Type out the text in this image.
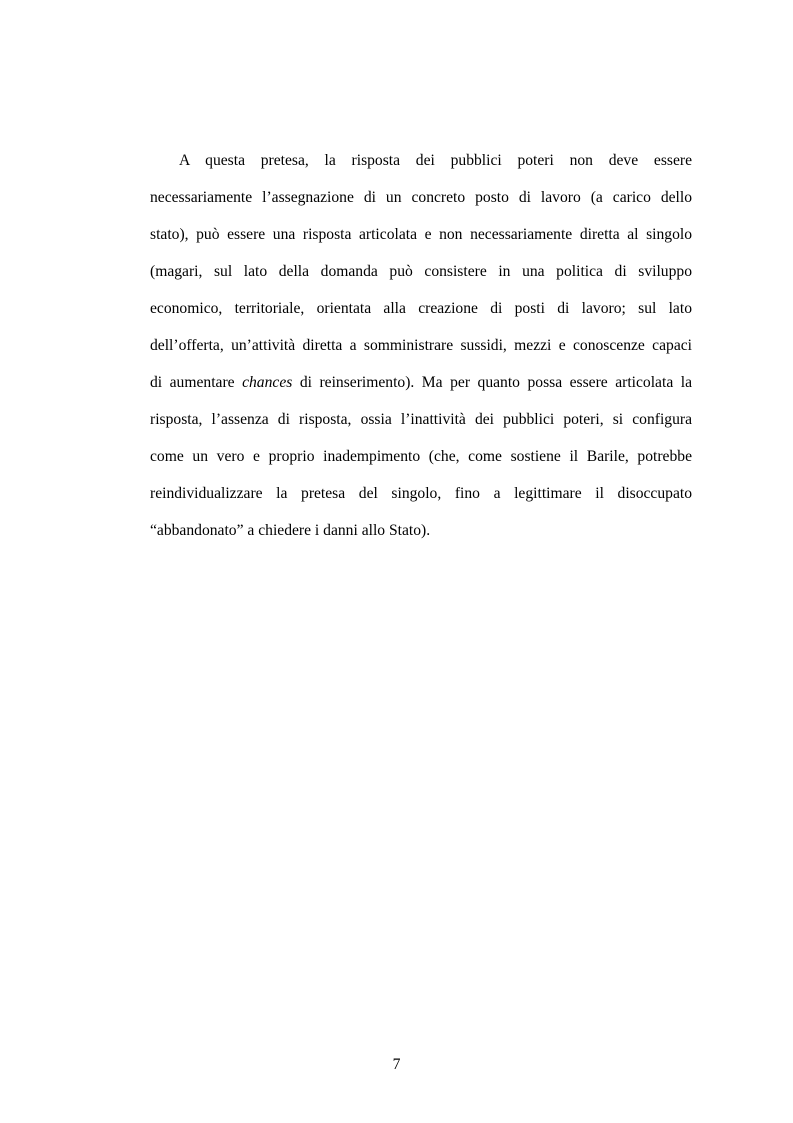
A questa pretesa, la risposta dei pubblici poteri non deve essere
necessariamente l’assegnazione di un concreto posto di lavoro (a carico dello
stato), può essere una risposta articolata e non necessariamente diretta al singolo
(magari, sul lato della domanda può consistere in una politica di sviluppo
economico, territoriale, orientata alla creazione di posti di lavoro; sul lato
dell’offerta, un’attività diretta a somministrare sussidi, mezzi e conoscenze capaci
di aumentare chances di reinserimento). Ma per quanto possa essere articolata la
risposta, l’assenza di risposta, ossia l’inattività dei pubblici poteri, si configura
come un vero e proprio inadempimento (che, come sostiene il Barile, potrebbe
reindividualizzare la pretesa del singolo, fino a legittimare il disoccupato
“abbandonato” a chiedere i danni allo Stato).
7
